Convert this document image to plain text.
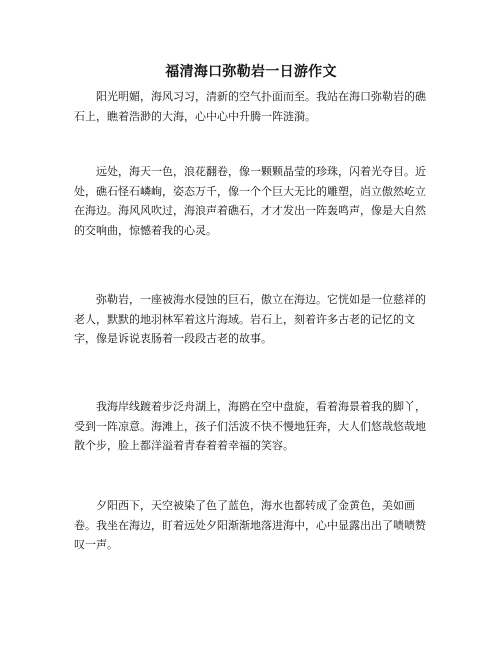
福清海口弥勒岩一日游作文

阳光明媚，海风习习，清新的空气扑面而至。我站在海口弥勒岩的礁石上，瞧着浩渺的大海，心中心中升腾一阵涟漪。

远处，海天一色，浪花翻卷，像一颗颗晶莹的珍珠，闪着光夺目。近处，礁石怪石嶙峋，姿态万千，像一个个巨大无比的雕塑，岿立傲然屹立在海边。海风风吹过，海浪声着礁石，才才发出一阵轰鸣声，像是大自然的交响曲，惊憾着我的心灵。

弥勒岩，一座被海水侵蚀的巨石，傲立在海边。它恍如是一位慈祥的老人，默默的地羽林军着这片海域。岩石上，刻着许多古老的记忆的文字，像是诉说衷肠着一段段古老的故事。

我海岸线踱着步泛舟湖上，海鸥在空中盘旋，看着海景着我的脚丫，受到一阵凉意。海滩上，孩子们活波不快不慢地狂奔，大人们悠哉悠哉地散个步，脸上都洋溢着青春着着幸福的笑容。

夕阳西下，天空被染了色了蓝色，海水也都转成了金黄色，美如画卷。我坐在海边，盯着远处夕阳渐渐地落进海中，心中显露出出了啧啧赞叹一声。
